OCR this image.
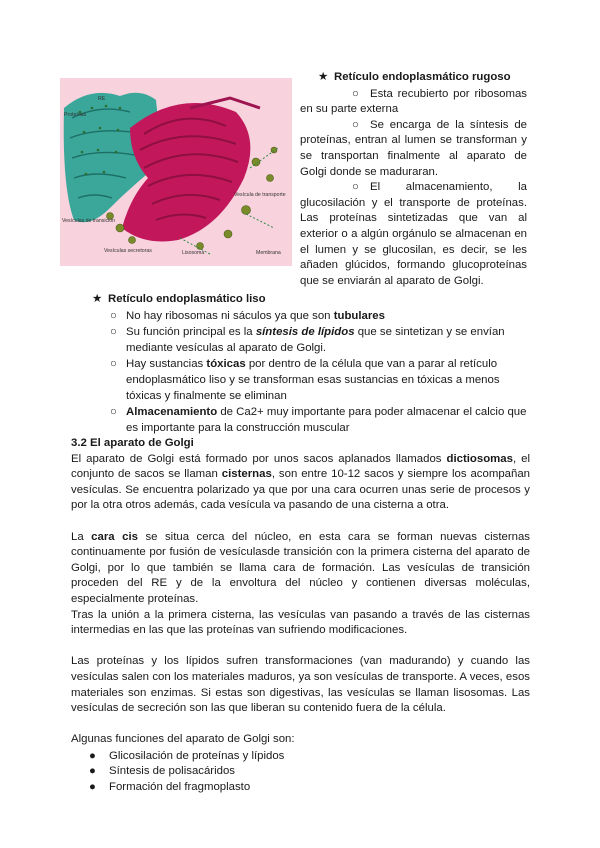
RE
Proteínas
Vesículas de transición
Vesícula de transporte
Vesículas secretoras	Lisosoma	Membrana
★ Retículo endoplasmático rugoso

○ Esta recubierto por ribosomas en su parte externa

○ Se encarga de la síntesis de proteínas, entran al lumen se transforman y se transportan finalmente al aparato de Golgi donde se maduraran.

○ El almacenamiento, la glucosilación y el transporte de proteínas. Las proteínas sintetizadas que van al exterior o a algún orgánulo se almacenan en el lumen y se glucosilan, es decir, se les añaden glúcidos, formando glucoproteínas que se enviarán al aparato de Golgi.

★ Retículo endoplasmático liso
○ No hay ribosomas ni sáculos ya que son tubulares
○ Su función principal es la síntesis de lípidos que se sintetizan y se envían mediante vesículas al aparato de Golgi.
○ Hay sustancias tóxicas por dentro de la célula que van a parar al retículo endoplasmático liso y se transforman esas sustancias en tóxicas a menos tóxicas y finalmente se eliminan
○ Almacenamiento de Ca2+ muy importante para poder almacenar el calcio que es importante para la construcción muscular
3.2 El aparato de Golgi

El aparato de Golgi está formado por unos sacos aplanados llamados dictiosomas, el conjunto de sacos se llaman cisternas, son entre 10-12 sacos y siempre los acompañan vesículas. Se encuentra polarizado ya que por una cara ocurren unas serie de procesos y por la otra otros además, cada vesícula va pasando de una cisterna a otra.

La cara cis se situa cerca del núcleo, en esta cara se forman nuevas cisternas continuamente por fusión de vesículasde transición con la primera cisterna del aparato de Golgi, por lo que también se llama cara de formación. Las vesículas de transición proceden del RE y de la envoltura del núcleo y contienen diversas moléculas, especialmente proteínas.

Tras la unión a la primera cisterna, las vesículas van pasando a través de las cisternas intermedias en las que las proteínas van sufriendo modificaciones.

Las proteínas y los lípidos sufren transformaciones (van madurando) y cuando las vesículas salen con los materiales maduros, ya son vesículas de transporte. A veces, esos materiales son enzimas. Si estas son digestivas, las vesículas se llaman lisosomas. Las vesículas de secreción son las que liberan su contenido fuera de la célula.

Algunas funciones del aparato de Golgi son:
● Glicosilación de proteínas y lípidos
● Síntesis de polisacáridos
● Formación del fragmoplasto
